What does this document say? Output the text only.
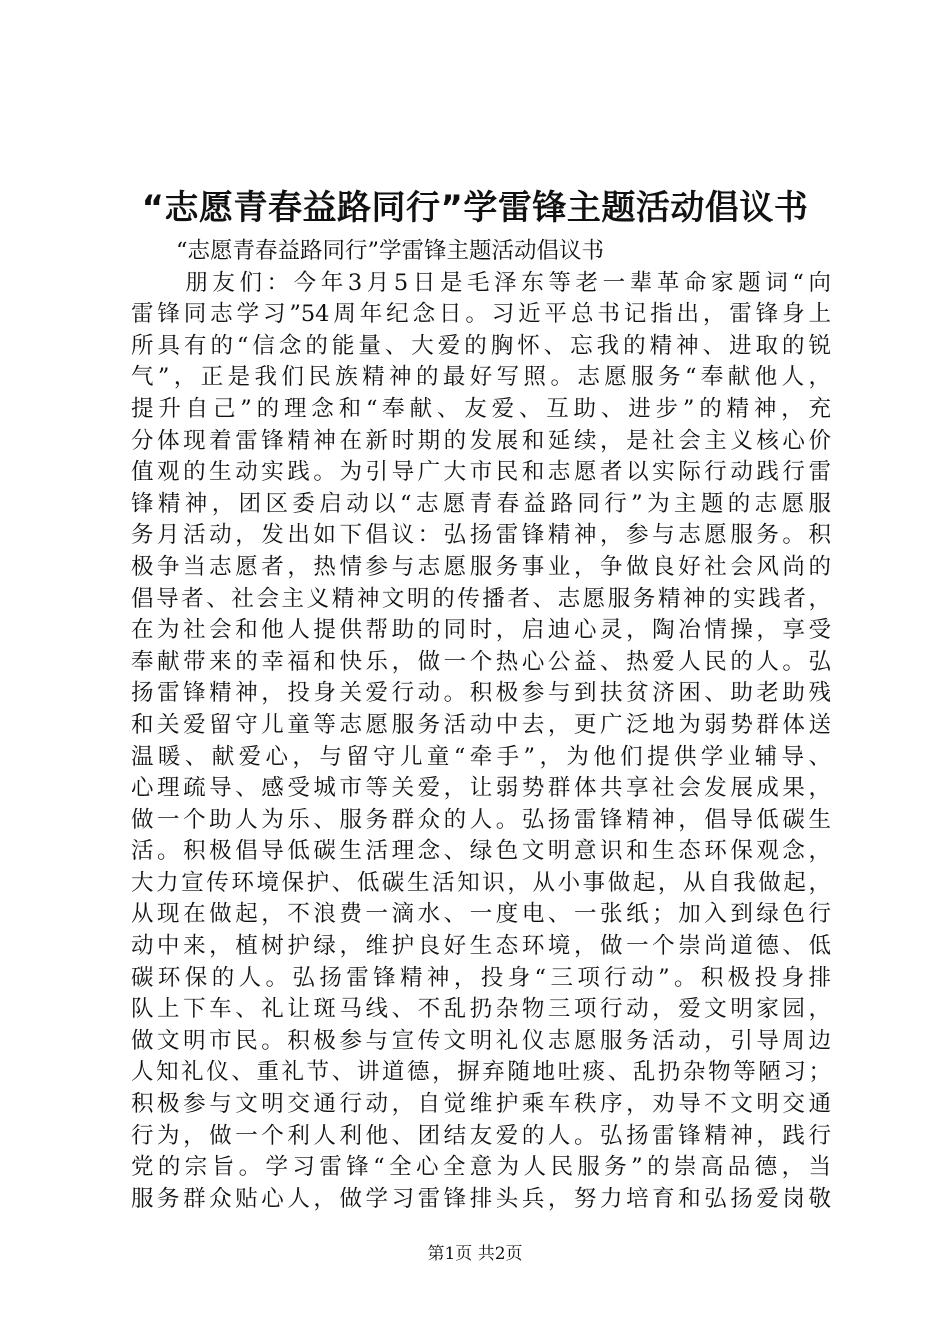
“志愿青春益路同行”学雷锋主题活动倡议书
　　“志愿青春益路同行”学雷锋主题活动倡议书
　　朋友们：今年3月5日是毛泽东等老一辈革命家题词“向
雷锋同志学习”54周年纪念日。习近平总书记指出，雷锋身上
所具有的“信念的能量、大爱的胸怀、忘我的精神、进取的锐
气”，正是我们民族精神的最好写照。志愿服务“奉献他人，
提升自己”的理念和“奉献、友爱、互助、进步”的精神，充
分体现着雷锋精神在新时期的发展和延续，是社会主义核心价
值观的生动实践。为引导广大市民和志愿者以实际行动践行雷
锋精神，团区委启动以“志愿青春益路同行”为主题的志愿服
务月活动，发出如下倡议：弘扬雷锋精神，参与志愿服务。积
极争当志愿者，热情参与志愿服务事业，争做良好社会风尚的
倡导者、社会主义精神文明的传播者、志愿服务精神的实践者，
在为社会和他人提供帮助的同时，启迪心灵，陶冶情操，享受
奉献带来的幸福和快乐，做一个热心公益、热爱人民的人。弘
扬雷锋精神，投身关爱行动。积极参与到扶贫济困、助老助残
和关爱留守儿童等志愿服务活动中去，更广泛地为弱势群体送
温暖、献爱心，与留守儿童“牵手”，为他们提供学业辅导、
心理疏导、感受城市等关爱，让弱势群体共享社会发展成果，
做一个助人为乐、服务群众的人。弘扬雷锋精神，倡导低碳生
活。积极倡导低碳生活理念、绿色文明意识和生态环保观念，
大力宣传环境保护、低碳生活知识，从小事做起，从自我做起，
从现在做起，不浪费一滴水、一度电、一张纸；加入到绿色行
动中来，植树护绿，维护良好生态环境，做一个崇尚道德、低
碳环保的人。弘扬雷锋精神，投身“三项行动”。积极投身排
队上下车、礼让斑马线、不乱扔杂物三项行动，爱文明家园，
做文明市民。积极参与宣传文明礼仪志愿服务活动，引导周边
人知礼仪、重礼节、讲道德，摒弃随地吐痰、乱扔杂物等陋习；
积极参与文明交通行动，自觉维护乘车秩序，劝导不文明交通
行为，做一个利人利他、团结友爱的人。弘扬雷锋精神，践行
党的宗旨。学习雷锋“全心全意为人民服务”的崇高品德，当
服务群众贴心人，做学习雷锋排头兵，努力培育和弘扬爱岗敬
第1页 共2页
